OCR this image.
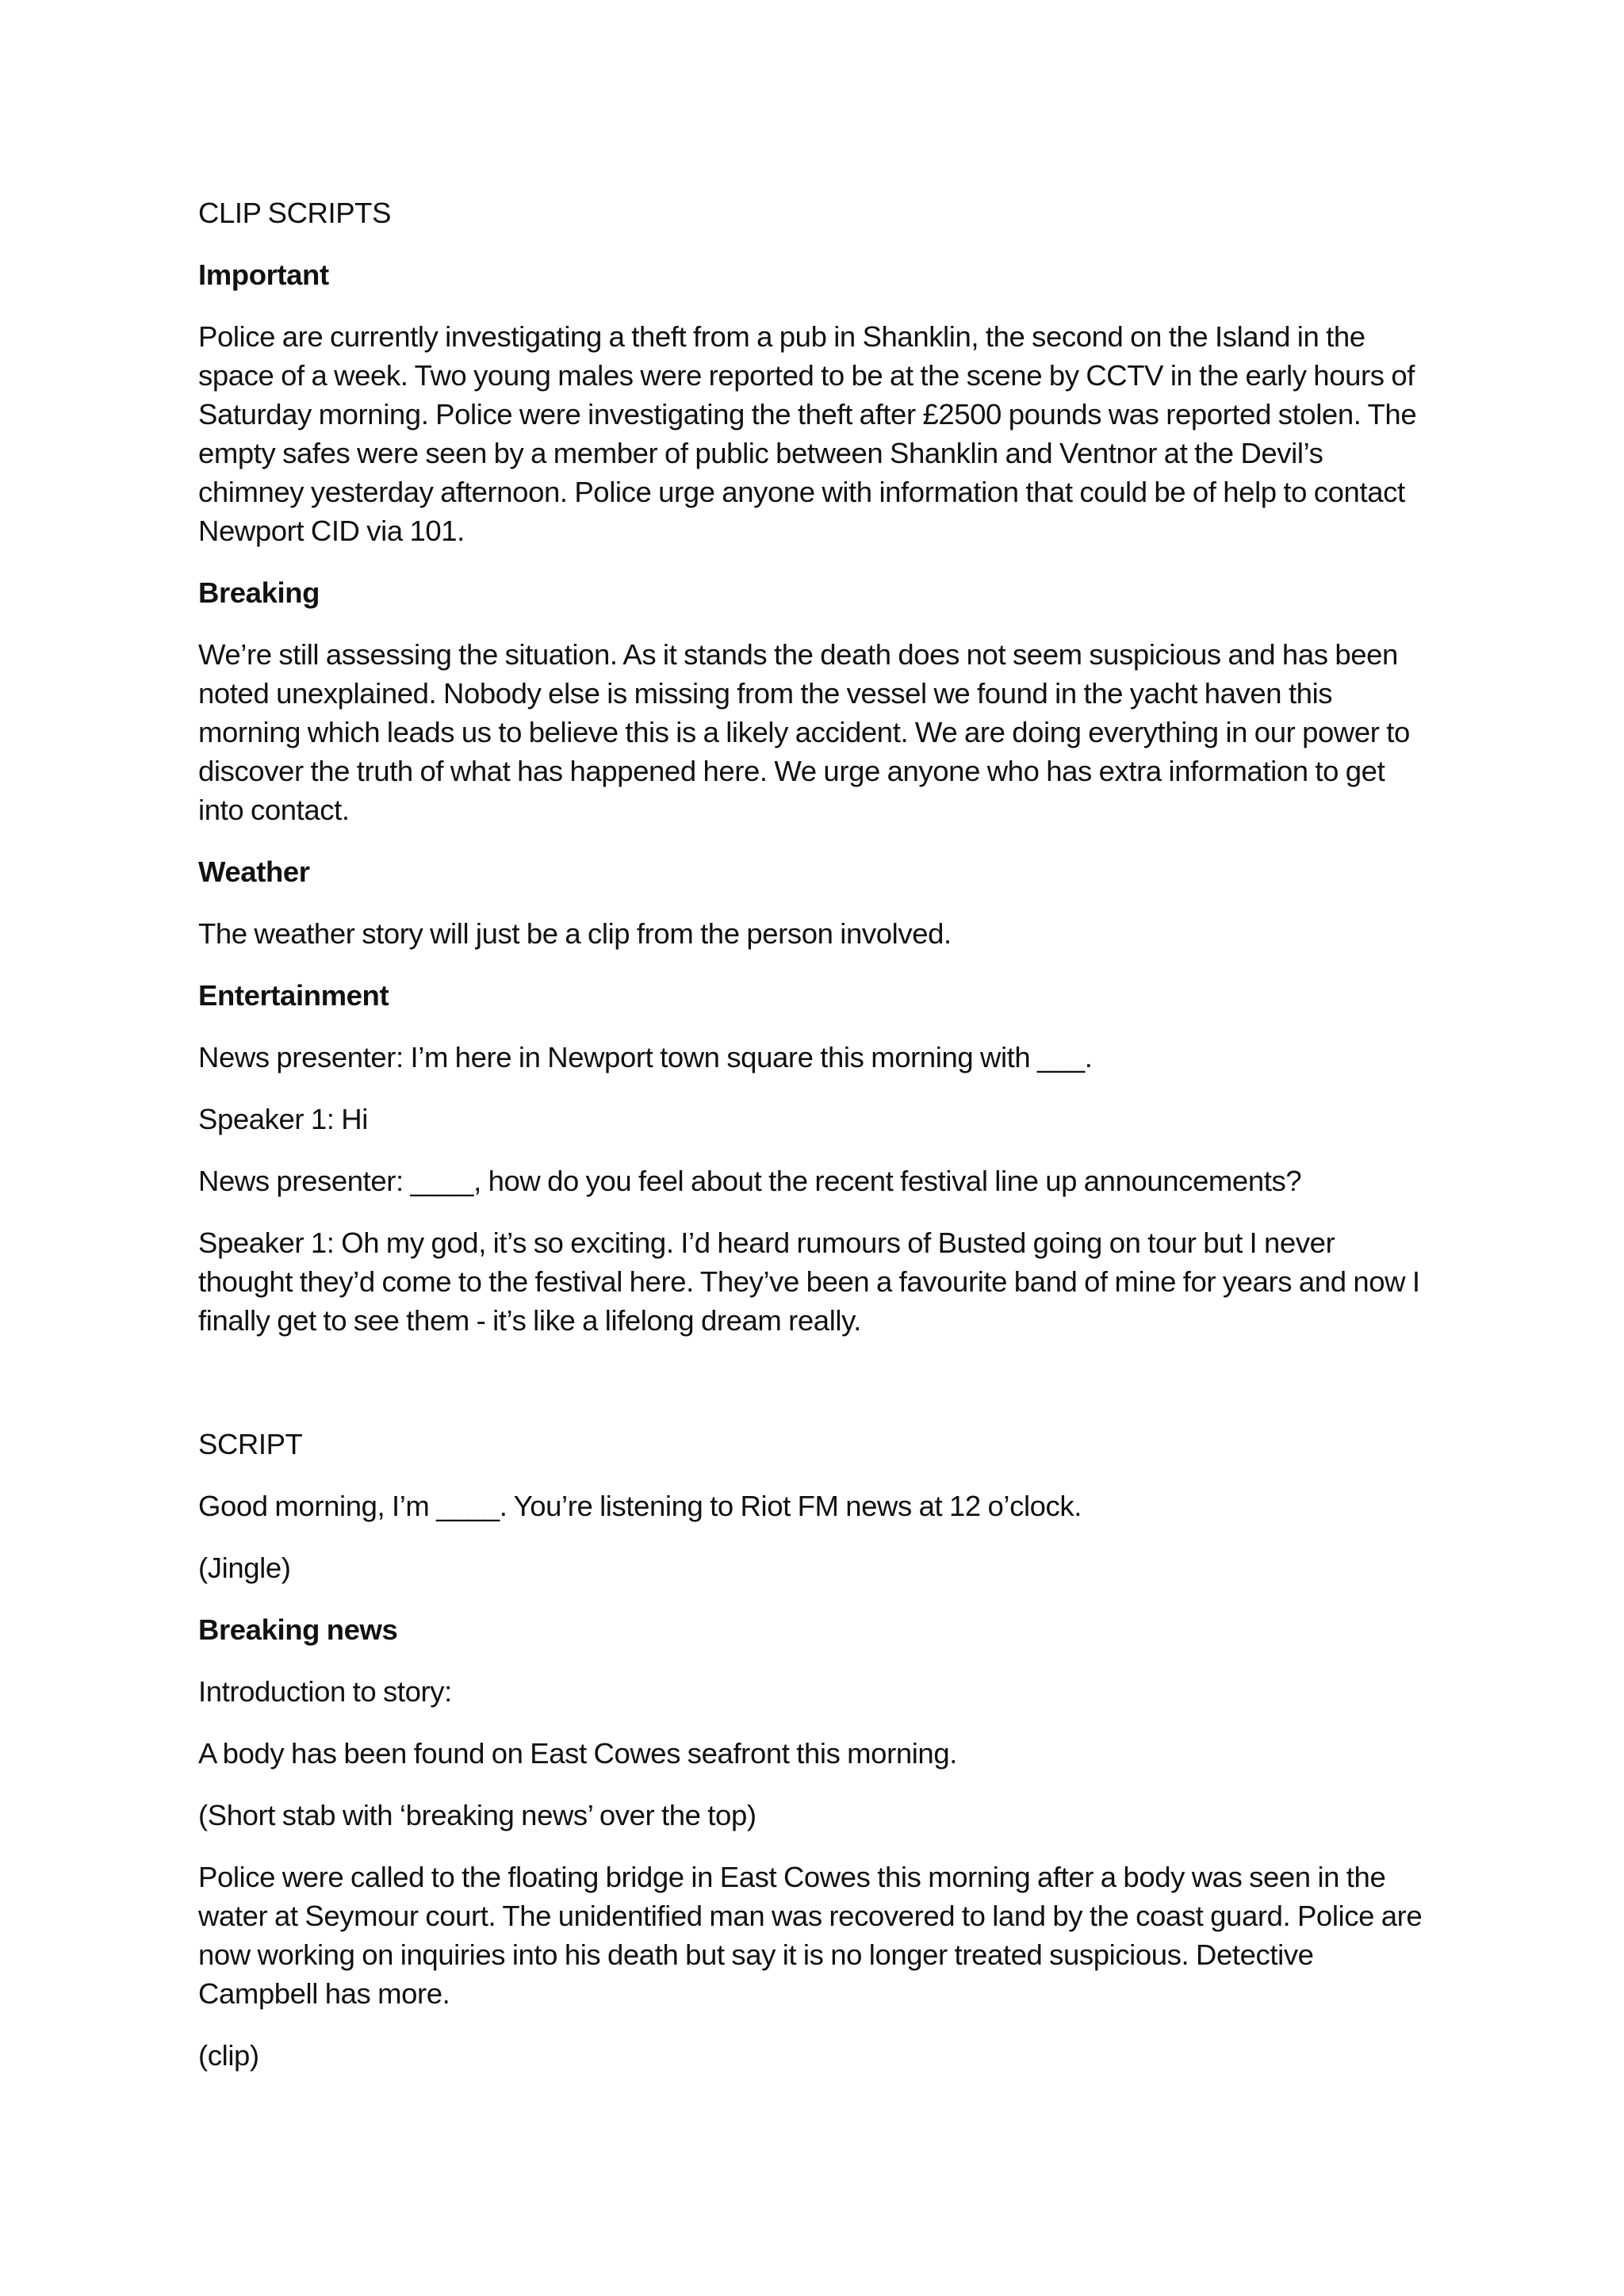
CLIP SCRIPTS

Important

Police are currently investigating a theft from a pub in Shanklin, the second on the Island in the space of a week. Two young males were reported to be at the scene by CCTV in the early hours of Saturday morning. Police were investigating the theft after £2500 pounds was reported stolen. The empty safes were seen by a member of public between Shanklin and Ventnor at the Devil’s chimney yesterday afternoon. Police urge anyone with information that could be of help to contact Newport CID via 101.

Breaking

We’re still assessing the situation. As it stands the death does not seem suspicious and has been noted unexplained. Nobody else is missing from the vessel we found in the yacht haven this morning which leads us to believe this is a likely accident. We are doing everything in our power to discover the truth of what has happened here. We urge anyone who has extra information to get into contact.

Weather

The weather story will just be a clip from the person involved.

Entertainment

News presenter: I’m here in Newport town square this morning with ___.

Speaker 1: Hi

News presenter: ____, how do you feel about the recent festival line up announcements?

Speaker 1: Oh my god, it’s so exciting. I’d heard rumours of Busted going on tour but I never thought they’d come to the festival here. They’ve been a favourite band of mine for years and now I finally get to see them - it’s like a lifelong dream really.

SCRIPT

Good morning, I’m ____. You’re listening to Riot FM news at 12 o’clock.

(Jingle)

Breaking news

Introduction to story:

A body has been found on East Cowes seafront this morning.

(Short stab with ‘breaking news’ over the top)

Police were called to the floating bridge in East Cowes this morning after a body was seen in the water at Seymour court. The unidentified man was recovered to land by the coast guard. Police are now working on inquiries into his death but say it is no longer treated suspicious. Detective Campbell has more.

(clip)
